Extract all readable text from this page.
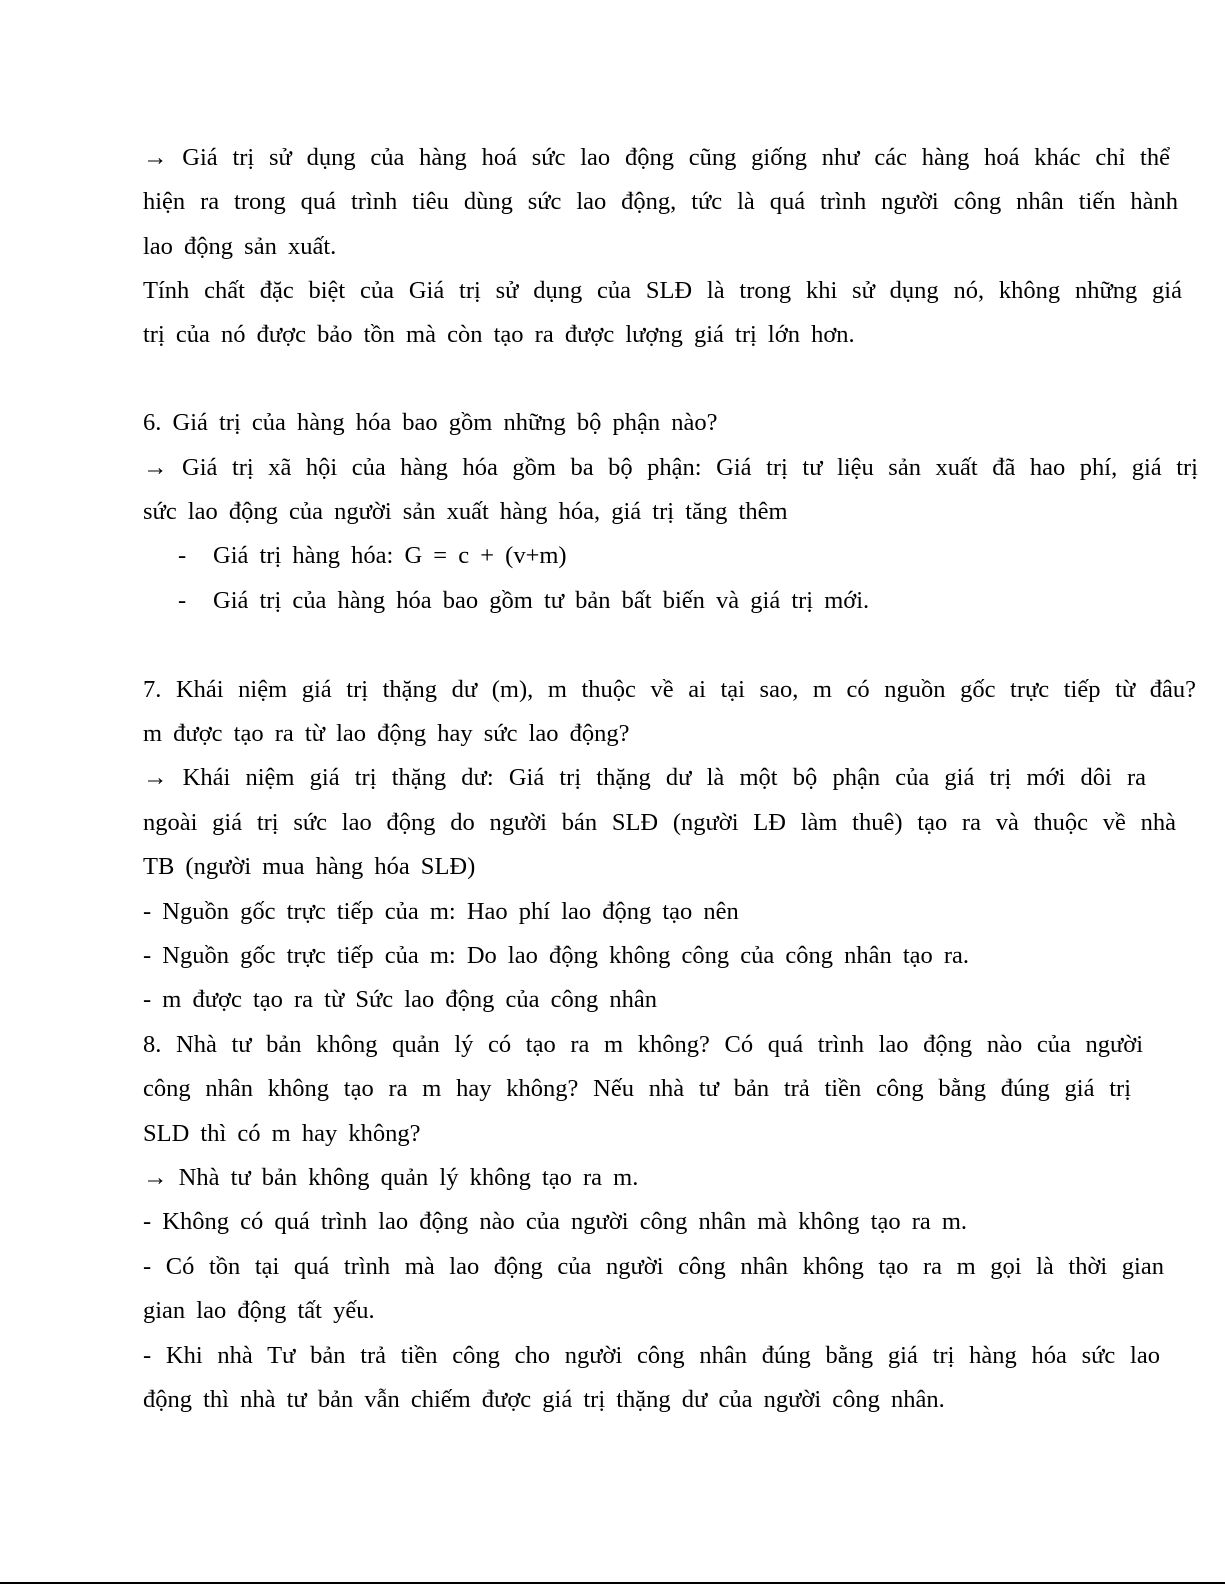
→ Giá trị sử dụng của hàng hoá sức lao động cũng giống như các hàng hoá khác chỉ thể
hiện ra trong quá trình tiêu dùng sức lao động, tức là quá trình người công nhân tiến hành
lao động sản xuất.
Tính chất đặc biệt của Giá trị sử dụng của SLĐ là trong khi sử dụng nó, không những giá
trị của nó được bảo tồn mà còn tạo ra được lượng giá trị lớn hơn.
6. Giá trị của hàng hóa bao gồm những bộ phận nào?
→ Giá trị xã hội của hàng hóa gồm ba bộ phận: Giá trị tư liệu sản xuất đã hao phí, giá trị
sức lao động của người sản xuất hàng hóa, giá trị tăng thêm
- Giá trị hàng hóa: G = c + (v+m)
- Giá trị của hàng hóa bao gồm tư bản bất biến và giá trị mới.
7. Khái niệm giá trị thặng dư (m), m thuộc về ai tại sao, m có nguồn gốc trực tiếp từ đâu?
m được tạo ra từ lao động hay sức lao động?
→ Khái niệm giá trị thặng dư: Giá trị thặng dư là một bộ phận của giá trị mới dôi ra
ngoài giá trị sức lao động do người bán SLĐ (người LĐ làm thuê) tạo ra và thuộc về nhà
TB (người mua hàng hóa SLĐ)
- Nguồn gốc trực tiếp của m: Hao phí lao động tạo nên
- Nguồn gốc trực tiếp của m: Do lao động không công của công nhân tạo ra.
- m được tạo ra từ Sức lao động của công nhân
8. Nhà tư bản không quản lý có tạo ra m không? Có quá trình lao động nào của người
công nhân không tạo ra m hay không? Nếu nhà tư bản trả tiền công bằng đúng giá trị
SLD thì có m hay không?
→ Nhà tư bản không quản lý không tạo ra m.
- Không có quá trình lao động nào của người công nhân mà không tạo ra m.
- Có tồn tại quá trình mà lao động của người công nhân không tạo ra m gọi là thời gian
gian lao động tất yếu.
- Khi nhà Tư bản trả tiền công cho người công nhân đúng bằng giá trị hàng hóa sức lao
động thì nhà tư bản vẫn chiếm được giá trị thặng dư của người công nhân.
